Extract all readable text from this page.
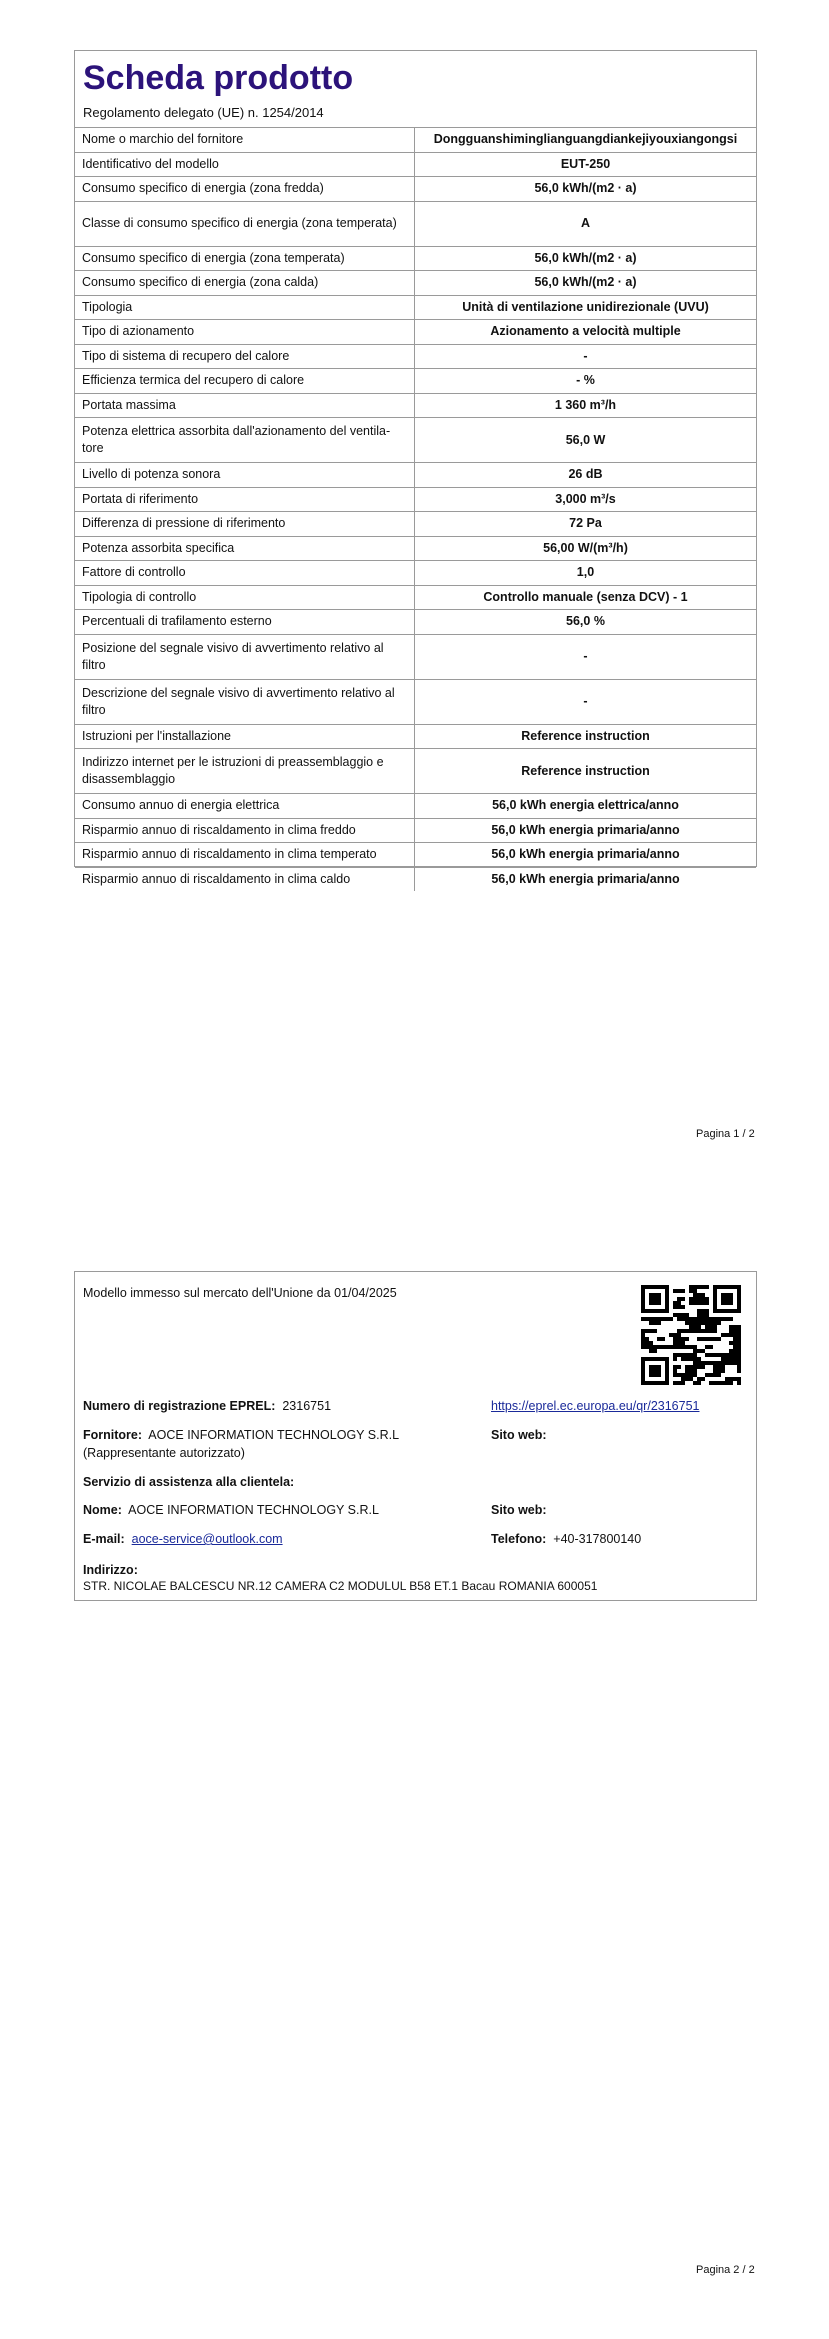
Scheda prodotto
Regolamento delegato (UE) n. 1254/2014
Nome o marchio del fornitore	Dongguanshiminglianguangdiankejiyouxiangongsi
Identificativo del modello	EUT-250
Consumo specifico di energia (zona fredda)	56,0 kWh/(m2 · a)
Classe di consumo specifico di energia (zona temperata)	A
Consumo specifico di energia (zona temperata)	56,0 kWh/(m2 · a)
Consumo specifico di energia (zona calda)	56,0 kWh/(m2 · a)
Tipologia	Unità di ventilazione unidirezionale (UVU)
Tipo di azionamento	Azionamento a velocità multiple
Tipo di sistema di recupero del calore	-
Efficienza termica del recupero di calore	- %
Portata massima	1 360 m³/h
Potenza elettrica assorbita dall'azionamento del ventila-tore	56,0 W
Livello di potenza sonora	26 dB
Portata di riferimento	3,000 m³/s
Differenza di pressione di riferimento	72 Pa
Potenza assorbita specifica	56,00 W/(m³/h)
Fattore di controllo	1,0
Tipologia di controllo	Controllo manuale (senza DCV) - 1
Percentuali di trafilamento esterno	56,0 %
Posizione del segnale visivo di avvertimento relativo al filtro	-
Descrizione del segnale visivo di avvertimento relativo al filtro	-
Istruzioni per l'installazione	Reference instruction
Indirizzo internet per le istruzioni di preassemblaggio e disassemblaggio	Reference instruction
Consumo annuo di energia elettrica	56,0 kWh energia elettrica/anno
Risparmio annuo di riscaldamento in clima freddo	56,0 kWh energia primaria/anno
Risparmio annuo di riscaldamento in clima temperato	56,0 kWh energia primaria/anno
Risparmio annuo di riscaldamento in clima caldo	56,0 kWh energia primaria/anno
Pagina 1 / 2
Modello immesso sul mercato dell'Unione da 01/04/2025
Numero di registrazione EPREL: 2316751	https://eprel.ec.europa.eu/qr/2316751
Fornitore: AOCE INFORMATION TECHNOLOGY S.R.L (Rappresentante autorizzato)
Sito web:
Servizio di assistenza alla clientela:
Nome: AOCE INFORMATION TECHNOLOGY S.R.L	Sito web:
E-mail: aoce-service@outlook.com	Telefono: +40-317800140
Indirizzo:
STR. NICOLAE BALCESCU NR.12 CAMERA C2 MODULUL B58 ET.1 Bacau ROMANIA 600051
Pagina 2 / 2
